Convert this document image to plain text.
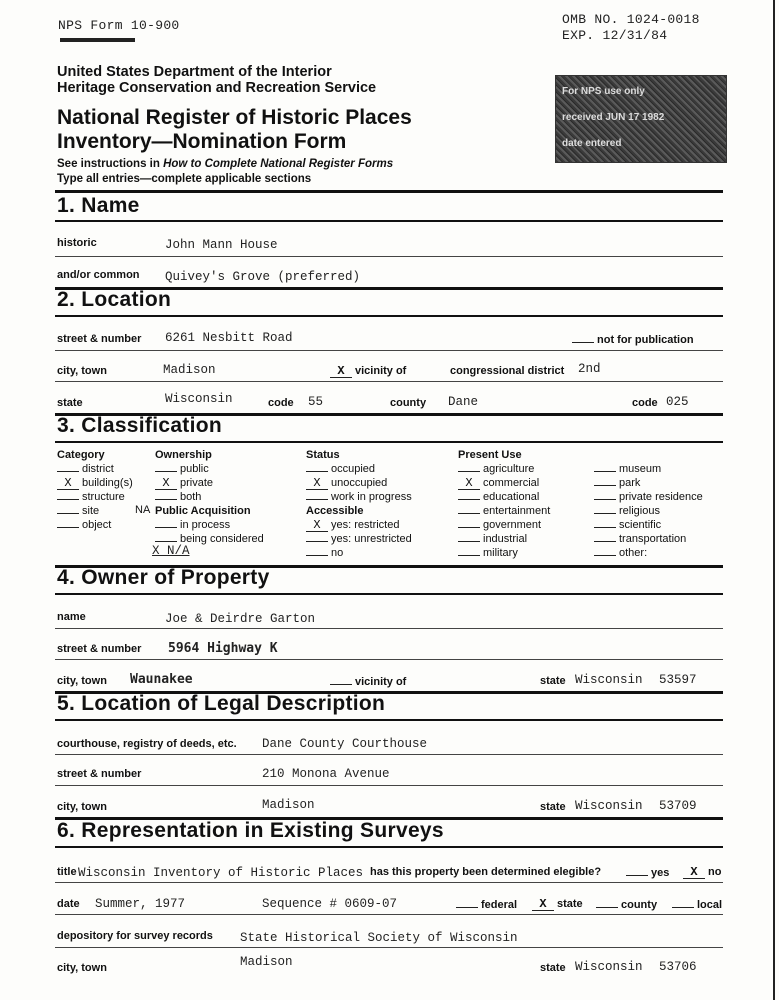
NPS Form 10-900	OMB NO. 1024-0018
EXP. 12/31/84
United States Department of the Interior
Heritage Conservation and Recreation Service
National Register of Historic Places
Inventory—Nomination Form
See instructions in How to Complete National Register Forms
Type all entries—complete applicable sections
For NPS use only
received JUN 17 1982
date entered
1. Name
historic	John Mann House
and/or common Quivey's Grove (preferred)
2. Location
street & number 6261 Nesbitt Road	not for publication
city, town	Madison	X vicinity of	congressional district 2nd
state	Wisconsin	code 55	county Dane	code 025
3. Classification
Category
district
X building(s)
structure
site
object
Ownership
public
X private
both
NA Public Acquisition
in process
being considered
X N/A
Status
occupied
X unoccupied
work in progress
Accessible
X yes: restricted
yes: unrestricted
no
Present Use
agriculture
X commercial
educational
entertainment
government
industrial
military
museum
park
private residence
religious
scientific
transportation
other:
4. Owner of Property
name	Joe & Deirdre Garton
street & number 5964 Highway K
city, town Waunakee	vicinity of	state Wisconsin 53597
5. Location of Legal Description
courthouse, registry of deeds, etc. Dane County Courthouse
street & number	210 Monona Avenue
city, town	Madison	state Wisconsin 53709
6. Representation in Existing Surveys
title Wisconsin Inventory of Historic Places has this property been determined elegible?	yes	X no
date Summer, 1977	Sequence # 0609-07	federal	X state	county	local
depository for survey records State Historical Society of Wisconsin
city, town	Madison	state Wisconsin 53706
